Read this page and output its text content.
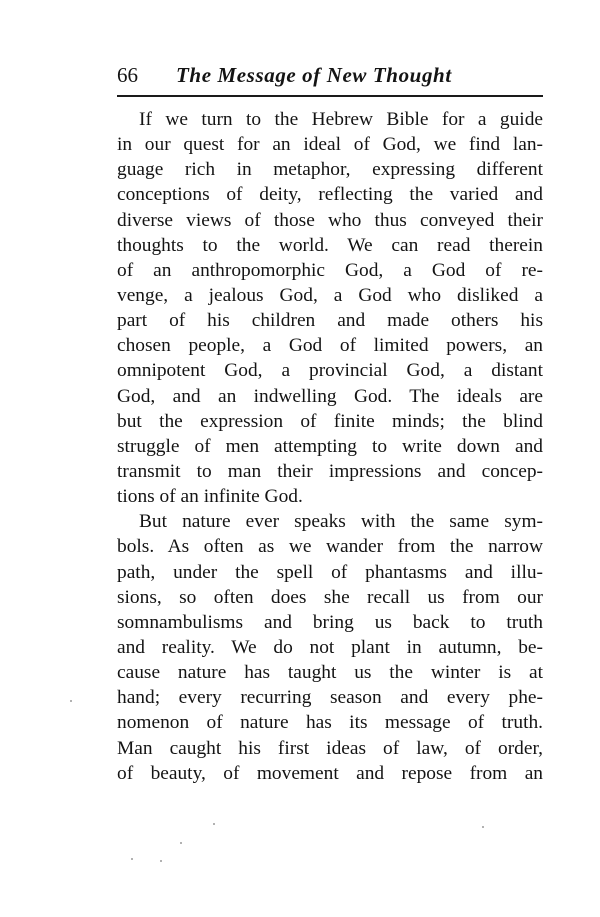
66 The Message of New Thought
If we turn to the Hebrew Bible for a guide
in our quest for an ideal of God, we find lan-
guage rich in metaphor, expressing different
conceptions of deity, reflecting the varied and
diverse views of those who thus conveyed their
thoughts to the world. We can read therein
of an anthropomorphic God, a God of re-
venge, a jealous God, a God who disliked a
part of his children and made others his
chosen people, a God of limited powers, an
omnipotent God, a provincial God, a distant
God, and an indwelling God. The ideals are
but the expression of finite minds; the blind
struggle of men attempting to write down and
transmit to man their impressions and concep-
tions of an infinite God.
But nature ever speaks with the same sym-
bols. As often as we wander from the narrow
path, under the spell of phantasms and illu-
sions, so often does she recall us from our
somnambulisms and bring us back to truth
and reality. We do not plant in autumn, be-
cause nature has taught us the winter is at
hand; every recurring season and every phe-
nomenon of nature has its message of truth.
Man caught his first ideas of law, of order,
of beauty, of movement and repose from an
